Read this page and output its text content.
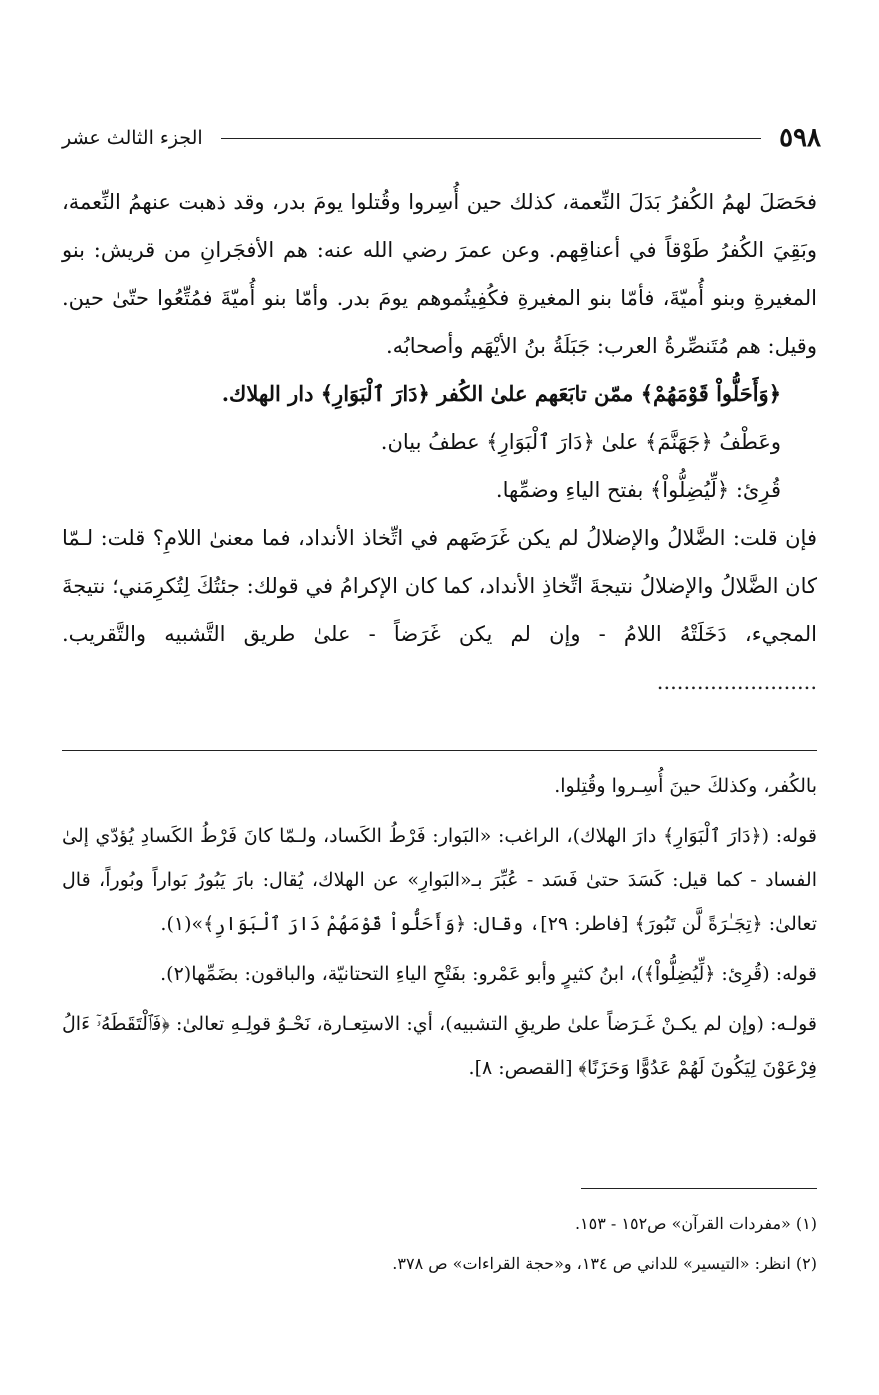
٥٩٨
الجزء الثالث عشر

فحَصَلَ لهمُ الكُفرُ بَدَلَ النِّعمة، كذلك حين أُسِروا وقُتلوا يومَ بدر، وقد ذهبت عنهمُ النِّعمة، وبَقِيَ الكُفرُ طَوْقاً في أعناقِهم. وعن عمرَ رضي الله عنه: هم الأفجَرانِ من قريش: بنو المغيرةِ وبنو أُميّةَ، فأمّا بنو المغيرةِ فكُفِيتُموهم يومَ بدر. وأمّا بنو أُميّةَ فمُتِّعُوا حتّىٰ حين. وقيل: هم مُتَنصِّرةُ العرب: جَبَلَةُ بنُ الأيْهَم وأصحابُه.

﴿وَأَحَلُّواْ قَوْمَهُمْ﴾ ممّن تابَعَهم علىٰ الكُفر ﴿دَارَ ٱلْبَوَارِ﴾ دار الهلاك.

وعَطْفُ ﴿جَهَنَّمَ﴾ علىٰ ﴿دَارَ ٱلْبَوَارِ﴾ عطفُ بيان.

قُرِئ: ﴿لِّيُضِلُّواْ﴾ بفتح الياءِ وضمِّها.

فإن قلت: الضَّلالُ والإضلالُ لم يكن غَرَضَهم في اتِّخاذ الأنداد، فما معنىٰ اللامِ؟ قلت: لـمّا كان الضَّلالُ والإضلالُ نتيجةَ اتِّخاذِ الأنداد، كما كان الإكرامُ في قولك: جئتُكَ لِتُكرِمَني؛ نتيجةَ المجيء، دَخَلَتْهُ اللامُ - وإن لم يكن غَرَضاً - علىٰ طريق التَّشبيه والتَّقريب. ........................

بالكُفر، وكذلكَ حينَ أُسِـروا وقُتِلوا.

قوله: (﴿دَارَ ٱلْبَوَارِ﴾ دارَ الهلاك)، الراغب: «البَوار: فَرْطُ الكَساد، ولـمّا كانَ فَرْطُ الكَسادِ يُؤدّي إلىٰ الفساد - كما قيل: كَسَدَ حتىٰ فَسَد - عُبِّرَ بـ«البَوارِ» عن الهلاك، يُقال: بارَ يَبُورُ بَواراً وبُوراً، قال تعالىٰ: ﴿تِجَـٰرَةً لَّن تَبُورَ﴾ [فاطر: ٢٩]، وقال: ﴿وَأَحَلُّواْ قَوْمَهُمْ دَارَ ٱلْبَوَارِ﴾»(١).

قوله: (قُرِئ: ﴿لِّيُضِلُّواْ﴾)، ابنُ كثيرٍ وأبو عَمْرو: بفَتْحِ الياءِ التحتانيّة، والباقون: بضَمِّها(٢).

قولـه: (وإن لم يكـنْ غَـرَضاً علىٰ طريقِ التشبيه)، أي: الاستِعـارة، نَحْـوُ قولِـهِ تعالىٰ: ﴿فَٱلْتَقَطَهُۥٓ ءَالُ فِرْعَوْنَ لِيَكُونَ لَهُمْ عَدُوًّا وَحَزَنًا﴾ [القصص: ٨].

(١) «مفردات القرآن» ص١٥٢ - ١٥٣.

(٢) انظر: «التيسير» للداني ص ١٣٤، و«حجة القراءات» ص ٣٧٨.
